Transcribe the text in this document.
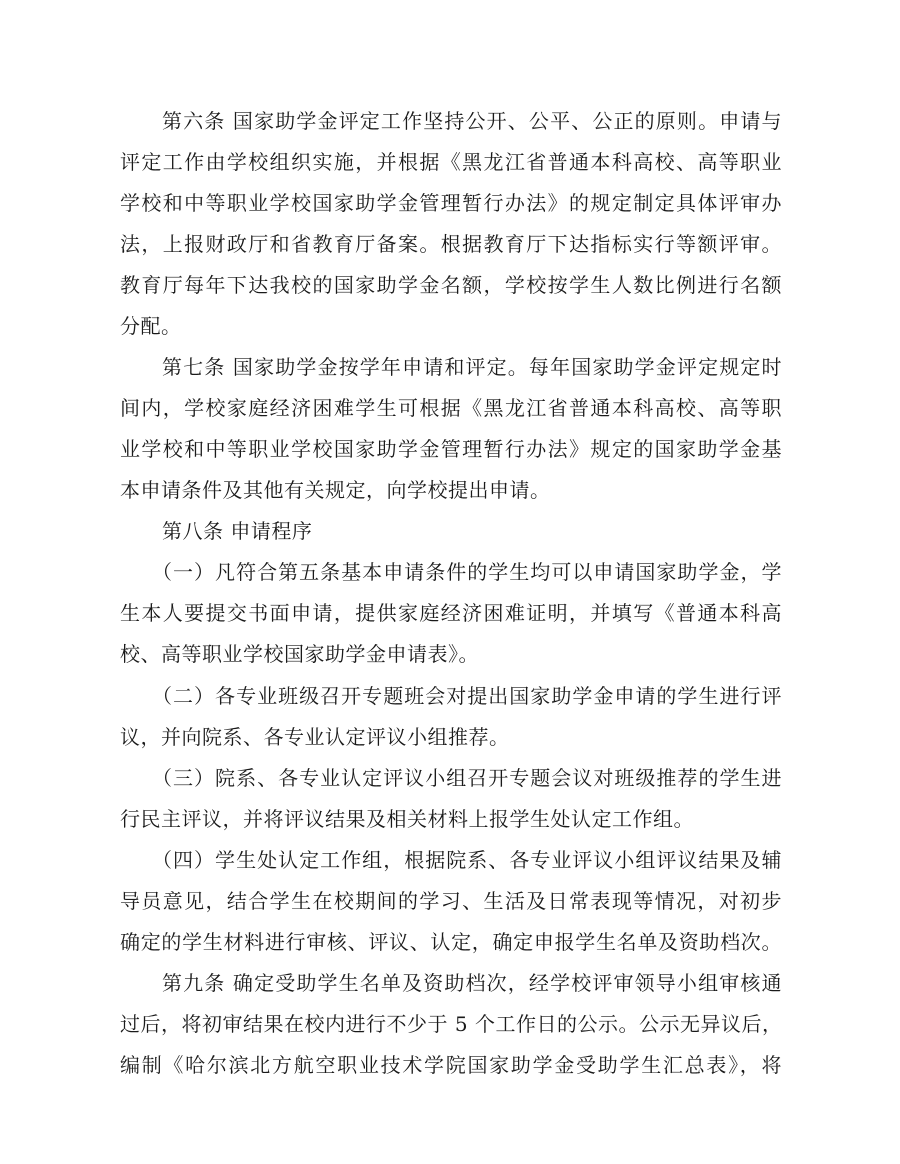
第六条 国家助学金评定工作坚持公开、公平、公正的原则。申请与
评定工作由学校组织实施，并根据《黑龙江省普通本科高校、高等职业
学校和中等职业学校国家助学金管理暂行办法》的规定制定具体评审办
法，上报财政厅和省教育厅备案。根据教育厅下达指标实行等额评审。
教育厅每年下达我校的国家助学金名额，学校按学生人数比例进行名额
分配。
第七条 国家助学金按学年申请和评定。每年国家助学金评定规定时
间内，学校家庭经济困难学生可根据《黑龙江省普通本科高校、高等职
业学校和中等职业学校国家助学金管理暂行办法》规定的国家助学金基
本申请条件及其他有关规定，向学校提出申请。
第八条 申请程序
（一）凡符合第五条基本申请条件的学生均可以申请国家助学金，学
生本人要提交书面申请，提供家庭经济困难证明，并填写《普通本科高
校、高等职业学校国家助学金申请表》。
（二）各专业班级召开专题班会对提出国家助学金申请的学生进行评
议，并向院系、各专业认定评议小组推荐。
（三）院系、各专业认定评议小组召开专题会议对班级推荐的学生进
行民主评议，并将评议结果及相关材料上报学生处认定工作组。
（四）学生处认定工作组，根据院系、各专业评议小组评议结果及辅
导员意见，结合学生在校期间的学习、生活及日常表现等情况，对初步
确定的学生材料进行审核、评议、认定，确定申报学生名单及资助档次。
第九条 确定受助学生名单及资助档次，经学校评审领导小组审核通
过后，将初审结果在校内进行不少于 5 个工作日的公示。公示无异议后，
编制《哈尔滨北方航空职业技术学院国家助学金受助学生汇总表》，将
